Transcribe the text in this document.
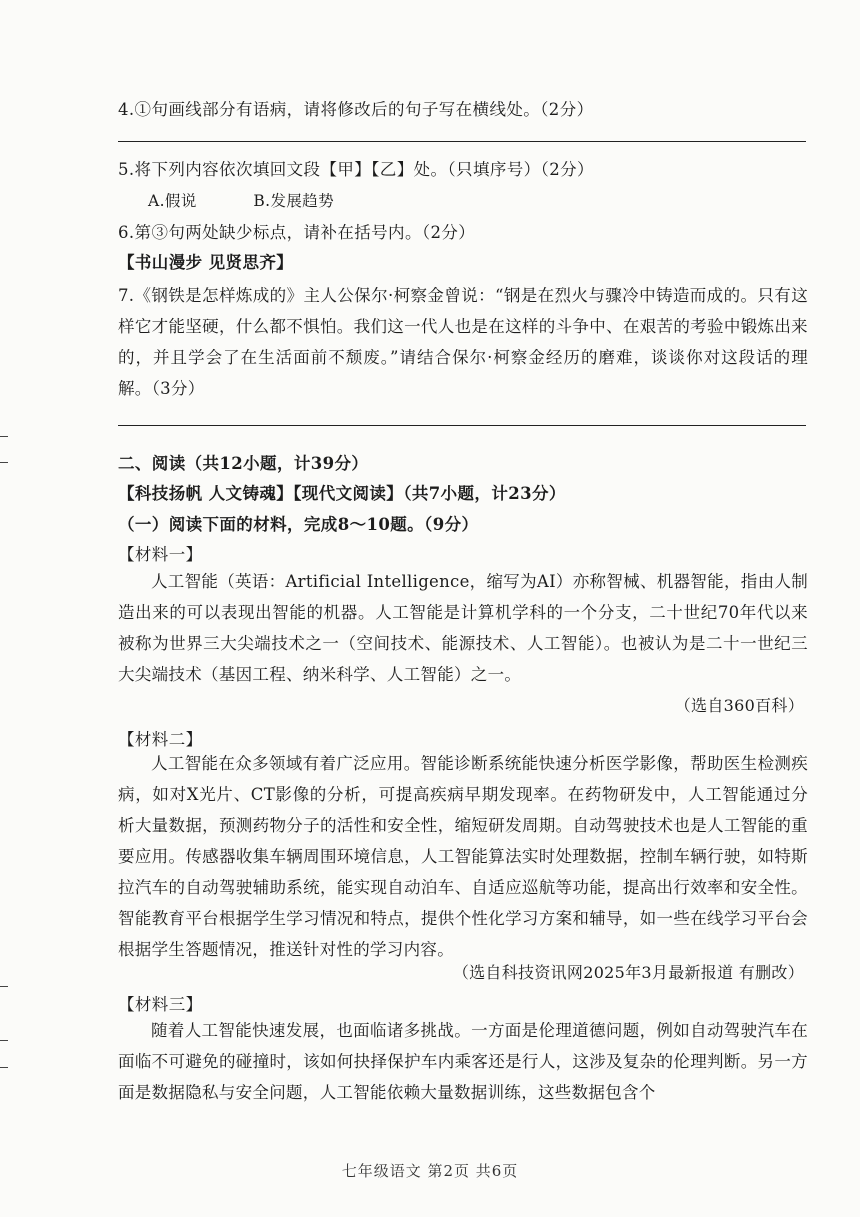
4.①句画线部分有语病，请将修改后的句子写在横线处。（2分）
5.将下列内容依次填回文段【甲】【乙】处。（只填序号）（2分）
A.假说	B.发展趋势
6.第③句两处缺少标点，请补在括号内。（2分）
【书山漫步 见贤思齐】
7.《钢铁是怎样炼成的》主人公保尔·柯察金曾说：“钢是在烈火与骤冷中铸造而成的。只有这样它才能坚硬，什么都不惧怕。我们这一代人也是在这样的斗争中、在艰苦的考验中锻炼出来的，并且学会了在生活面前不颓废。”请结合保尔·柯察金经历的磨难，谈谈你对这段话的理解。（3分）
二、阅读（共12小题，计39分）
【科技扬帆 人文铸魂】【现代文阅读】（共7小题，计23分）
（一）阅读下面的材料，完成8～10题。（9分）
【材料一】
人工智能（英语：Artificial Intelligence，缩写为AI）亦称智械、机器智能，指由人制造出来的可以表现出智能的机器。人工智能是计算机学科的一个分支，二十世纪70年代以来被称为世界三大尖端技术之一（空间技术、能源技术、人工智能）。也被认为是二十一世纪三大尖端技术（基因工程、纳米科学、人工智能）之一。
（选自360百科）
【材料二】
人工智能在众多领域有着广泛应用。智能诊断系统能快速分析医学影像，帮助医生检测疾病，如对X光片、CT影像的分析，可提高疾病早期发现率。在药物研发中，人工智能通过分析大量数据，预测药物分子的活性和安全性，缩短研发周期。自动驾驶技术也是人工智能的重要应用。传感器收集车辆周围环境信息，人工智能算法实时处理数据，控制车辆行驶，如特斯拉汽车的自动驾驶辅助系统，能实现自动泊车、自适应巡航等功能，提高出行效率和安全性。智能教育平台根据学生学习情况和特点，提供个性化学习方案和辅导，如一些在线学习平台会根据学生答题情况，推送针对性的学习内容。
（选自科技资讯网2025年3月最新报道 有删改）
【材料三】
随着人工智能快速发展，也面临诸多挑战。一方面是伦理道德问题，例如自动驾驶汽车在面临不可避免的碰撞时，该如何抉择保护车内乘客还是行人，这涉及复杂的伦理判断。另一方面是数据隐私与安全问题，人工智能依赖大量数据训练，这些数据包含个
七年级语文 第2页 共6页
